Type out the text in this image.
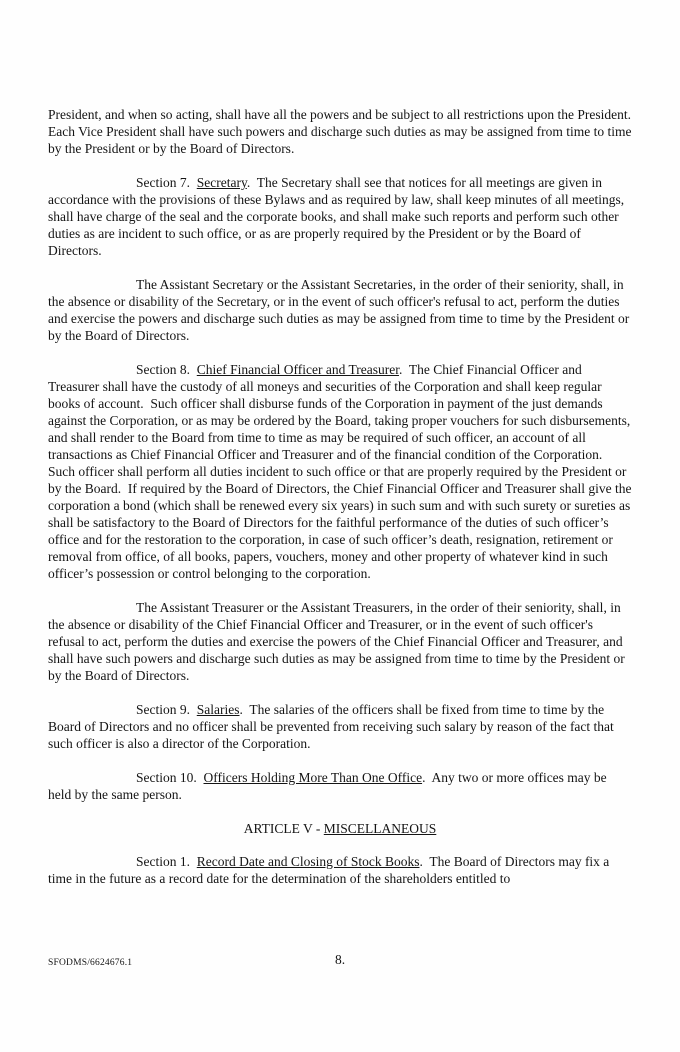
President, and when so acting, shall have all the powers and be subject to all restrictions upon the President.  Each Vice President shall have such powers and discharge such duties as may be assigned from time to time by the President or by the Board of Directors.

Section 7.  Secretary.  The Secretary shall see that notices for all meetings are given in accordance with the provisions of these Bylaws and as required by law, shall keep minutes of all meetings, shall have charge of the seal and the corporate books, and shall make such reports and perform such other duties as are incident to such office, or as are properly required by the President or by the Board of Directors.

The Assistant Secretary or the Assistant Secretaries, in the order of their seniority, shall, in the absence or disability of the Secretary, or in the event of such officer's refusal to act, perform the duties and exercise the powers and discharge such duties as may be assigned from time to time by the President or by the Board of Directors.

Section 8.  Chief Financial Officer and Treasurer.  The Chief Financial Officer and Treasurer shall have the custody of all moneys and securities of the Corporation and shall keep regular books of account.  Such officer shall disburse funds of the Corporation in payment of the just demands against the Corporation, or as may be ordered by the Board, taking proper vouchers for such disbursements, and shall render to the Board from time to time as may be required of such officer, an account of all transactions as Chief Financial Officer and Treasurer and of the financial condition of the Corporation.  Such officer shall perform all duties incident to such office or that are properly required by the President or by the Board.  If required by the Board of Directors, the Chief Financial Officer and Treasurer shall give the corporation a bond (which shall be renewed every six years) in such sum and with such surety or sureties as shall be satisfactory to the Board of Directors for the faithful performance of the duties of such officer’s office and for the restoration to the corporation, in case of such officer’s death, resignation, retirement or removal from office, of all books, papers, vouchers, money and other property of whatever kind in such officer’s possession or control belonging to the corporation.

The Assistant Treasurer or the Assistant Treasurers, in the order of their seniority, shall, in the absence or disability of the Chief Financial Officer and Treasurer, or in the event of such officer's refusal to act, perform the duties and exercise the powers of the Chief Financial Officer and Treasurer, and shall have such powers and discharge such duties as may be assigned from time to time by the President or by the Board of Directors.

Section 9.  Salaries.  The salaries of the officers shall be fixed from time to time by the Board of Directors and no officer shall be prevented from receiving such salary by reason of the fact that such officer is also a director of the Corporation.

Section 10.  Officers Holding More Than One Office.  Any two or more offices may be held by the same person.

ARTICLE V - MISCELLANEOUS

Section 1.  Record Date and Closing of Stock Books.  The Board of Directors may fix a time in the future as a record date for the determination of the shareholders entitled to

SFODMS/6624676.1	8.
